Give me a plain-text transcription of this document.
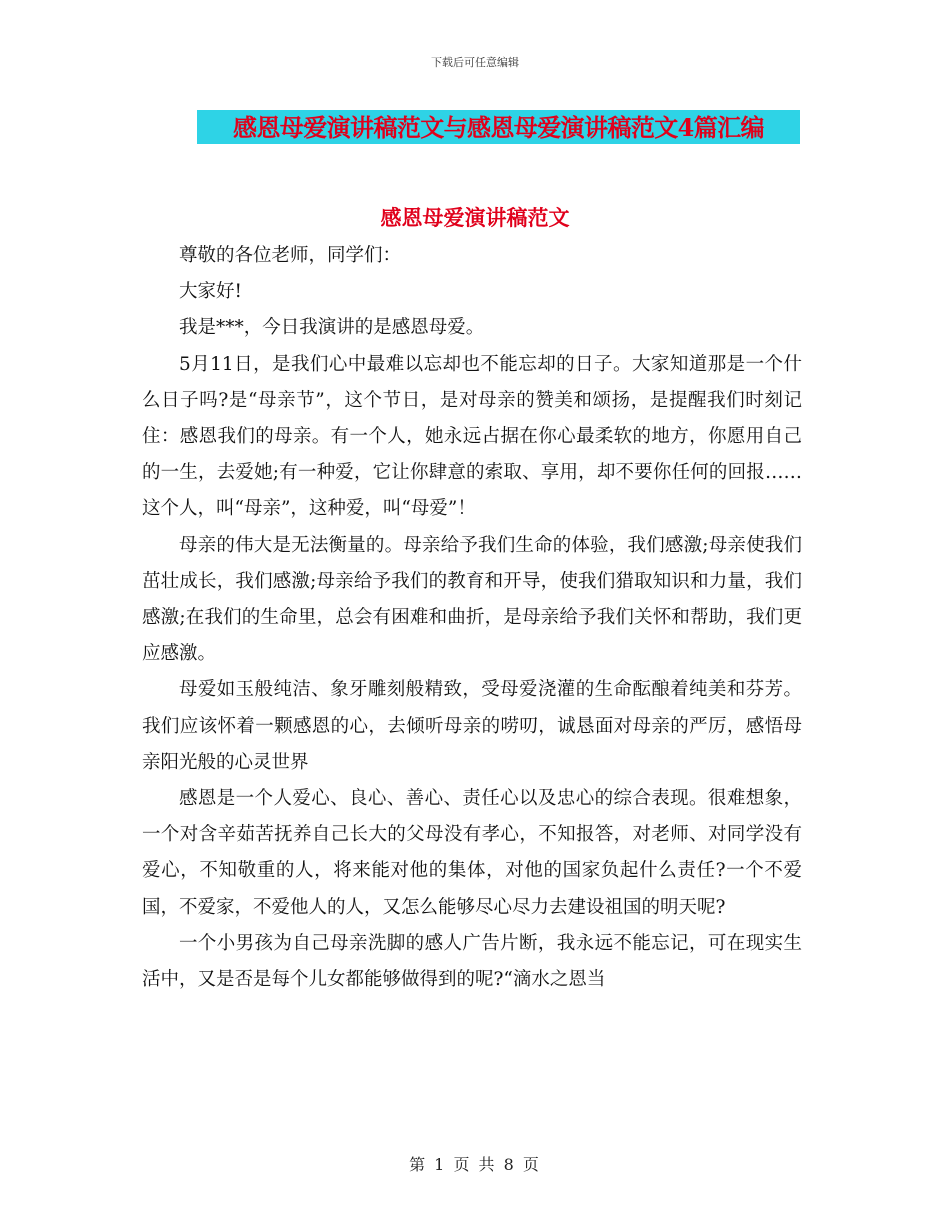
下载后可任意编辑
感恩母爱演讲稿范文与感恩母爱演讲稿范文4篇汇编
感恩母爱演讲稿范文

尊敬的各位老师，同学们：

大家好!

我是***，今日我演讲的是感恩母爱。

5月11日，是我们心中最难以忘却也不能忘却的日子。大家知道那是一个什么日子吗?是“母亲节”，这个节日，是对母亲的赞美和颂扬，是提醒我们时刻记住：感恩我们的母亲。有一个人，她永远占据在你心最柔软的地方，你愿用自己的一生，去爱她;有一种爱，它让你肆意的索取、享用，却不要你任何的回报……这个人，叫“母亲”，这种爱，叫“母爱”！

母亲的伟大是无法衡量的。母亲给予我们生命的体验，我们感激;母亲使我们茁壮成长，我们感激;母亲给予我们的教育和开导，使我们猎取知识和力量，我们感激;在我们的生命里，总会有困难和曲折，是母亲给予我们关怀和帮助，我们更应感激。

母爱如玉般纯洁、象牙雕刻般精致，受母爱浇灌的生命酝酿着纯美和芬芳。我们应该怀着一颗感恩的心，去倾听母亲的唠叨，诚恳面对母亲的严厉，感悟母亲阳光般的心灵世界

感恩是一个人爱心、良心、善心、责任心以及忠心的综合表现。很难想象，一个对含辛茹苦抚养自己长大的父母没有孝心，不知报答，对老师、对同学没有爱心，不知敬重的人，将来能对他的集体，对他的国家负起什么责任?一个不爱国，不爱家，不爱他人的人，又怎么能够尽心尽力去建设祖国的明天呢?

一个小男孩为自己母亲洗脚的感人广告片断，我永远不能忘记，可在现实生活中，又是否是每个儿女都能够做得到的呢?“滴水之恩当

第 1 页 共 8 页
